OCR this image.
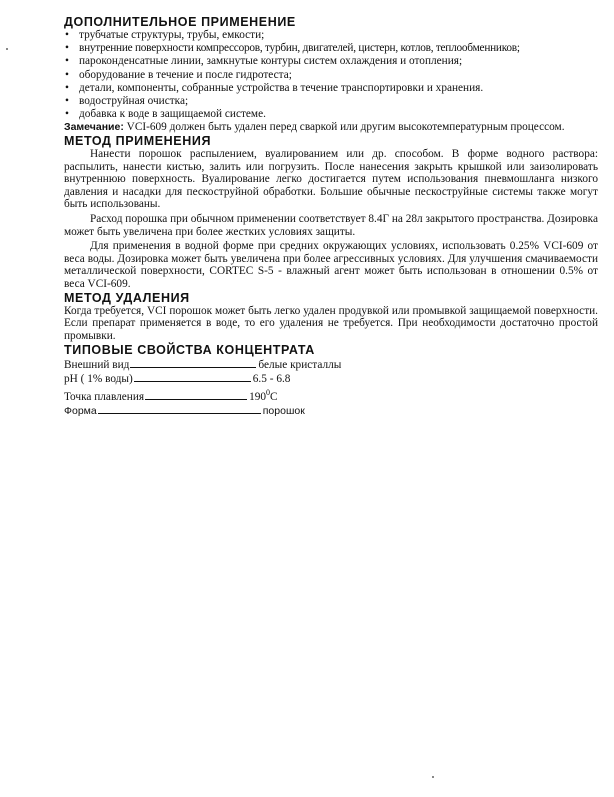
ДОПОЛНИТЕЛЬНОЕ ПРИМЕНЕНИЕ
• трубчатые структуры, трубы, емкости;
• внутренние поверхности компрессоров, турбин, двигателей, цистерн, котлов, теплообменников;
• пароконденсатные линии, замкнутые контуры систем охлаждения и отопления;
• оборудование в течение и после гидротеста;
• детали, компоненты, собранные устройства в течение транспортировки и хранения.
• водоструйная очистка;
• добавка к воде в защищаемой системе.

Замечание: VCI-609 должен быть удален перед сваркой или другим высокотемпературным процессом.

МЕТОД ПРИМЕНЕНИЯ

Нанести порошок распылением, вуалированием или др. способом. В форме водного раствора: распылить, нанести кистью, залить или погрузить. После нанесения закрыть крышкой или заизолировать внутреннюю поверхность. Вуалирование легко достигается путем использования пневмошланга низкого давления и насадки для пескоструйной обработки. Большие обычные пескоструйные системы также могут быть использованы.

Расход порошка при обычном применении соответствует 8.4Г на 28л закрытого пространства. Дозировка может быть увеличена при более жестких условиях защиты.

Для применения в водной форме при средних окружающих условиях, использовать 0.25% VCI-609 от веса воды. Дозировка может быть увеличена при более агрессивных условиях. Для улучшения смачиваемости металлической поверхности, CORTEC S-5 - влажный агент может быть использован в отношении 0.5% от веса VCI-609.

МЕТОД УДАЛЕНИЯ

Когда требуется, VCI порошок может быть легко удален продувкой или промывкой защищаемой поверхности. Если препарат применяется в воде, то его удаления не требуется. При необходимости достаточно простой промывки.

ТИПОВЫЕ СВОЙСТВА КОНЦЕНТРАТА
Внешний вид	белые кристаллы
pH ( 1% воды)	6.5 - 6.8
Точка плавления	$190^0С$
Форма	порошок
